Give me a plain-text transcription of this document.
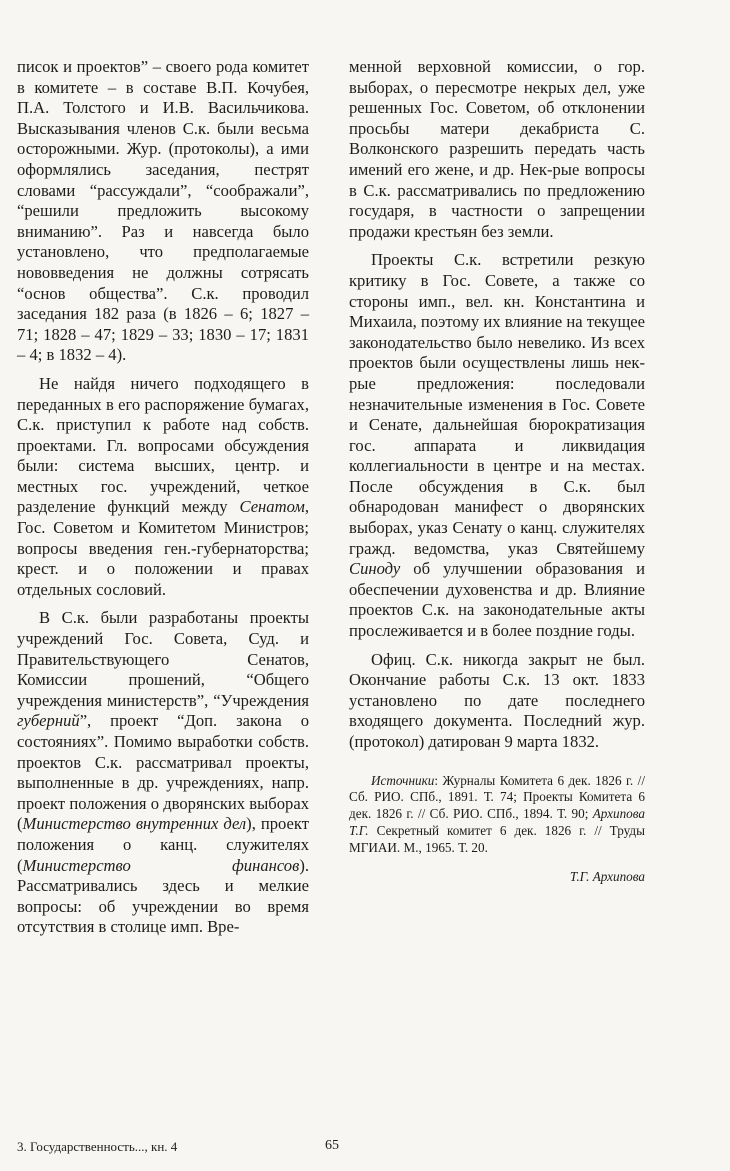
писок и проектов” – своего рода комитет в комитете – в составе В.П. Кочубея, П.А. Толстого и И.В. Васильчикова. Высказывания членов С.к. были весьма осторожными. Жур. (протоколы), а ими оформлялись заседания, пестрят словами “рассуждали”, “соображали”, “решили предложить высокому вниманию”. Раз и навсегда было установлено, что предполагаемые нововведения не должны сотрясать “основ общества”. С.к. проводил заседания 182 раза (в 1826 – 6; 1827 – 71; 1828 – 47; 1829 – 33; 1830 – 17; 1831 – 4; в 1832 – 4).

Не найдя ничего подходящего в переданных в его распоряжение бумагах, С.к. приступил к работе над собств. проектами. Гл. вопросами обсуждения были: система высших, центр. и местных гос. учреждений, четкое разделение функций между Сенатом, Гос. Советом и Комитетом Министров; вопросы введения ген.-губернаторства; крест. и о положении и правах отдельных сословий.

В С.к. были разработаны проекты учреждений Гос. Совета, Суд. и Правительствующего Сенатов, Комиссии прошений, “Общего учреждения министерств”, “Учреждения губерний”, проект “Доп. закона о состояниях”. Помимо выработки собств. проектов С.к. рассматривал проекты, выполненные в др. учреждениях, напр. проект положения о дворянских выборах (Министерство внутренних дел), проект положения о канц. служителях (Министерство финансов). Рассматривались здесь и мелкие вопросы: об учреждении во время отсутствия в столице имп. Вре-

менной верховной комиссии, о гор. выборах, о пересмотре некрых дел, уже решенных Гос. Советом, об отклонении просьбы матери декабриста С. Волконского разрешить передать часть имений его жене, и др. Нек-рые вопросы в С.к. рассматривались по предложению государя, в частности о запрещении продажи крестьян без земли.

Проекты С.к. встретили резкую критику в Гос. Совете, а также со стороны имп., вел. кн. Константина и Михаила, поэтому их влияние на текущее законодательство было невелико. Из всех проектов были осуществлены лишь нек-рые предложения: последовали незначительные изменения в Гос. Совете и Сенате, дальнейшая бюрократизация гос. аппарата и ликвидация коллегиальности в центре и на местах. После обсуждения в С.к. был обнародован манифест о дворянских выборах, указ Сенату о канц. служителях гражд. ведомства, указ Святейшему Синоду об улучшении образования и обеспечении духовенства и др. Влияние проектов С.к. на законодательные акты прослеживается и в более поздние годы.

Офиц. С.к. никогда закрыт не был. Окончание работы С.к. 13 окт. 1833 установлено по дате последнего входящего документа. Последний жур. (протокол) датирован 9 марта 1832.

Источники: Журналы Комитета 6 дек. 1826 г. // Сб. РИО. СПб., 1891. Т. 74; Проекты Комитета 6 дек. 1826 г. // Сб. РИО. СПб., 1894. Т. 90; Архипова Т.Г. Секретный комитет 6 дек. 1826 г. // Труды МГИАИ. М., 1965. Т. 20.

Т.Г. Архипова

3. Государственность..., кн. 4	65
